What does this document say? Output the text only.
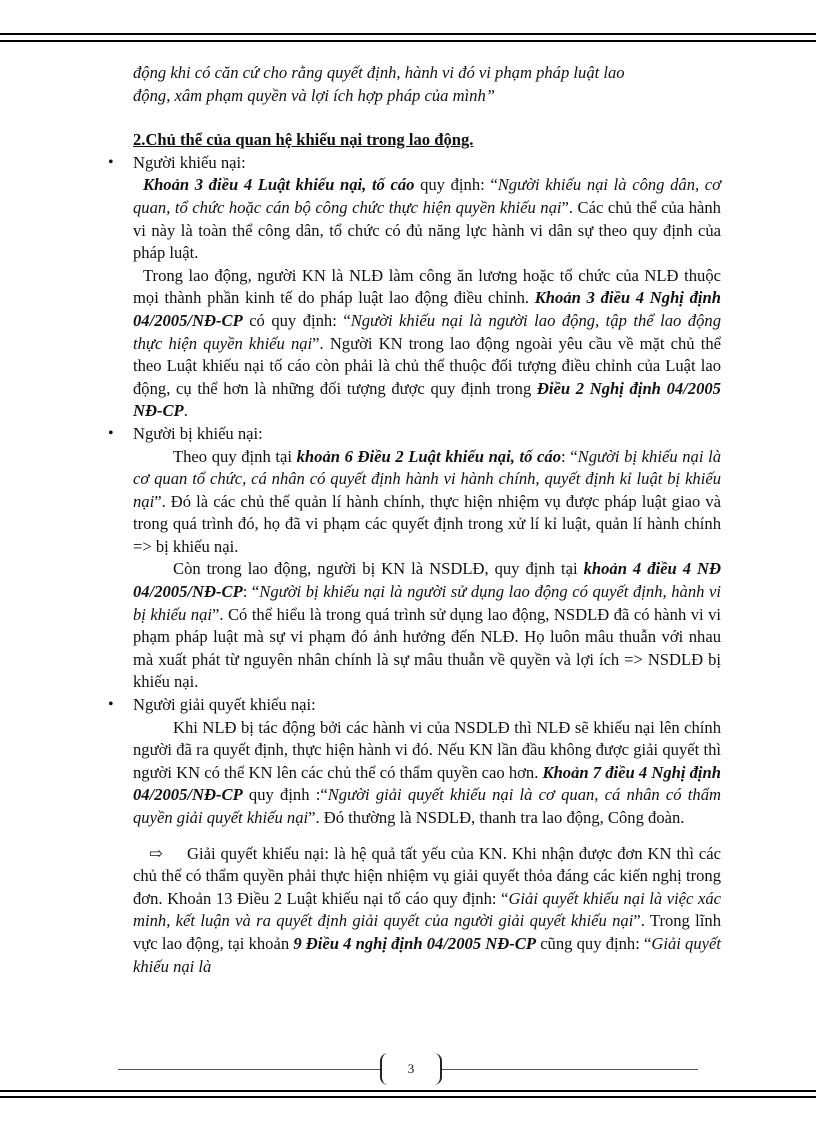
động khi có căn cứ cho rằng quyết định, hành vi đó vi phạm pháp luật lao
động, xâm phạm quyền và lợi ích hợp pháp của mình”

2.Chủ thể của quan hệ khiếu nại trong lao động.

• Người khiếu nại:

Khoản 3 điều 4 Luật khiếu nại, tố cáo quy định: “Người khiếu nại là công dân, cơ quan, tổ chức hoặc cán bộ công chức thực hiện quyền khiếu nại”. Các chủ thể của hành vi này là toàn thể công dân, tổ chức có đủ năng lực hành vi dân sự theo quy định của pháp luật.

Trong lao động, người KN là NLĐ làm công ăn lương hoặc tổ chức của NLĐ thuộc mọi thành phần kinh tế do pháp luật lao động điều chỉnh. Khoản 3 điều 4 Nghị định 04/2005/NĐ-CP có quy định: “Người khiếu nại là người lao động, tập thể lao động thực hiện quyền khiếu nại”. Người KN trong lao động ngoài yêu cầu về mặt chủ thể theo Luật khiếu nại tố cáo còn phải là chủ thể thuộc đối tượng điều chỉnh của Luật lao động, cụ thể hơn là những đối tượng được quy định trong Điều 2 Nghị định 04/2005 NĐ-CP.

• Người bị khiếu nại:

Theo quy định tại khoản 6 Điều 2 Luật khiếu nại, tố cáo: “Người bị khiếu nại là cơ quan tổ chức, cá nhân có quyết định hành vi hành chính, quyết định kỉ luật bị khiếu nại”. Đó là các chủ thể quản lí hành chính, thực hiện nhiệm vụ được pháp luật giao và trong quá trình đó, họ đã vi phạm các quyết định trong xử lí kỉ luật, quản lí hành chính => bị khiếu nại.

Còn trong lao động, người bị KN là NSDLĐ, quy định tại khoản 4 điều 4 NĐ 04/2005/NĐ-CP: “Người bị khiếu nại là người sử dụng lao động có quyết định, hành vi bị khiếu nại”. Có thể hiểu là trong quá trình sử dụng lao động, NSDLĐ đã có hành vi vi phạm pháp luật mà sự vi phạm đó ảnh hưởng đến NLĐ. Họ luôn mâu thuẫn với nhau mà xuất phát từ nguyên nhân chính là sự mâu thuẫn về quyền và lợi ích => NSDLĐ bị khiếu nại.

• Người giải quyết khiếu nại:

Khi NLĐ bị tác động bởi các hành vi của NSDLĐ thì NLĐ sẽ khiếu nại lên chính người đã ra quyết định, thực hiện hành vi đó. Nếu KN lần đầu không được giải quyết thì người KN có thể KN lên các chủ thể có thẩm quyền cao hơn. Khoản 7 điều 4 Nghị định 04/2005/NĐ-CP quy định :“Người giải quyết khiếu nại là cơ quan, cá nhân có thẩm quyền giải quyết khiếu nại”. Đó thường là NSDLĐ, thanh tra lao động, Công đoàn.

⇨ Giải quyết khiếu nại: là hệ quả tất yếu của KN. Khi nhận được đơn KN thì các chủ thể có thẩm quyền phải thực hiện nhiệm vụ giải quyết thỏa đáng các kiến nghị trong đơn. Khoản 13 Điều 2 Luật khiếu nại tố cáo quy định: “Giải quyết khiếu nại là việc xác minh, kết luận và ra quyết định giải quyết của người giải quyết khiếu nại”. Trong lĩnh vực lao động, tại khoản 9 Điều 4 nghị định 04/2005 NĐ-CP cũng quy định: “Giải quyết khiếu nại là

3
